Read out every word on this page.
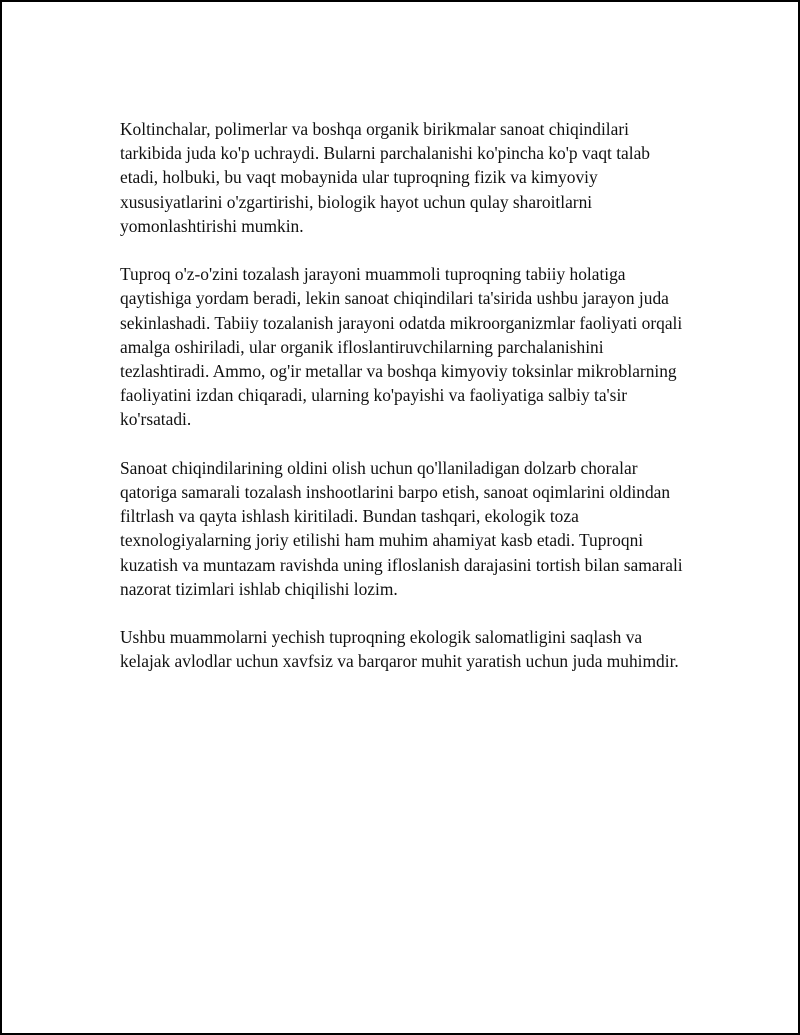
Koltinchalar, polimerlar va boshqa organik birikmalar sanoat chiqindilari tarkibida juda ko'p uchraydi. Bularni parchalanishi ko'pincha ko'p vaqt talab etadi, holbuki, bu vaqt mobaynida ular tuproqning fizik va kimyoviy xususiyatlarini o'zgartirishi, biologik hayot uchun qulay sharoitlarni yomonlashtirishi mumkin.

Tuproq o'z-o'zini tozalash jarayoni muammoli tuproqning tabiiy holatiga qaytishiga yordam beradi, lekin sanoat chiqindilari ta'sirida ushbu jarayon juda sekinlashadi. Tabiiy tozalanish jarayoni odatda mikroorganizmlar faoliyati orqali amalga oshiriladi, ular organik ifloslantiruvchilarning parchalanishini tezlashtiradi. Ammo, og'ir metallar va boshqa kimyoviy toksinlar mikroblarning faoliyatini izdan chiqaradi, ularning ko'payishi va faoliyatiga salbiy ta'sir ko'rsatadi.

Sanoat chiqindilarining oldini olish uchun qo'llaniladigan dolzarb choralar qatoriga samarali tozalash inshootlarini barpo etish, sanoat oqimlarini oldindan filtrlash va qayta ishlash kiritiladi. Bundan tashqari, ekologik toza texnologiyalarning joriy etilishi ham muhim ahamiyat kasb etadi. Tuproqni kuzatish va muntazam ravishda uning ifloslanish darajasini tortish bilan samarali nazorat tizimlari ishlab chiqilishi lozim.

Ushbu muammolarni yechish tuproqning ekologik salomatligini saqlash va kelajak avlodlar uchun xavfsiz va barqaror muhit yaratish uchun juda muhimdir.
